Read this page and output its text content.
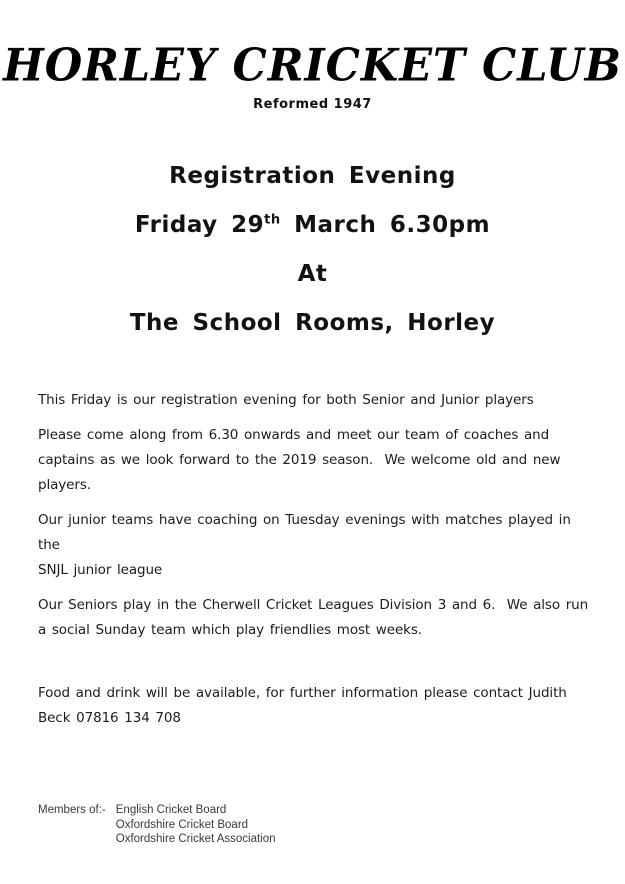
HORLEY CRICKET CLUB
Reformed 1947
Registration Evening
Friday 29th March 6.30pm
At
The School Rooms, Horley
This Friday is our registration evening for both Senior and Junior players
Please come along from 6.30 onwards and meet our team of coaches and
captains as we look forward to the 2019 season.  We welcome old and new
players.
Our junior teams have coaching on Tuesday evenings with matches played in the
SNJL junior league
Our Seniors play in the Cherwell Cricket Leagues Division 3 and 6.  We also run
a social Sunday team which play friendlies most weeks.
Food and drink will be available, for further information please contact Judith
Beck 07816 134 708
Members of:- English Cricket Board
Oxfordshire Cricket Board
Oxfordshire Cricket Association
